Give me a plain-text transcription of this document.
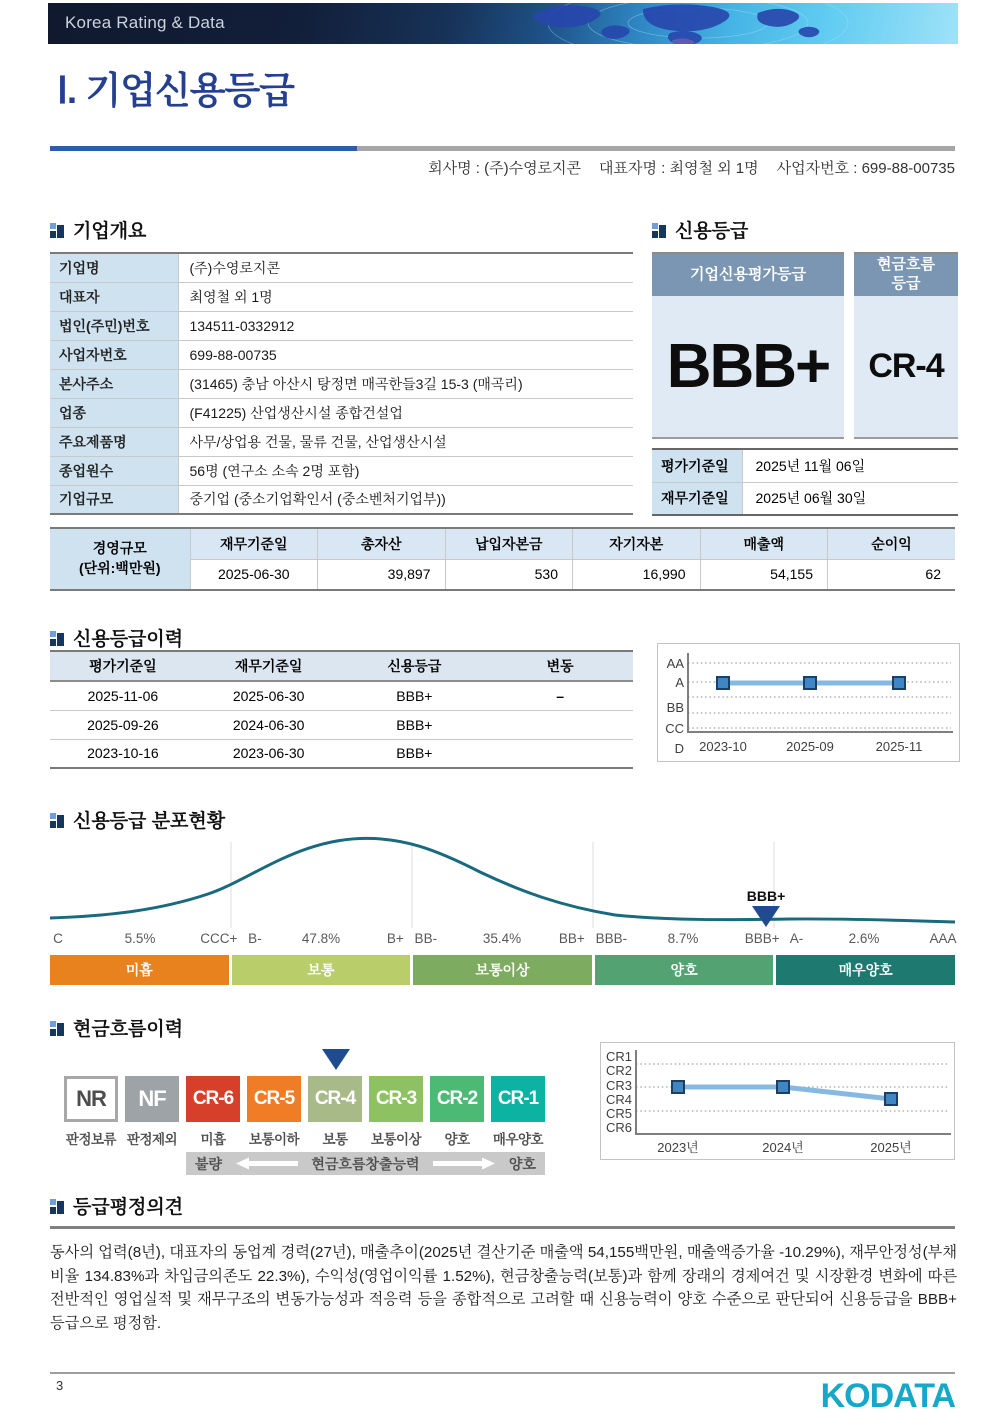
Korea Rating & Data
Ⅰ. 기업신용등급
회사명 : (주)수영로지콘 대표자명 : 최영철 외 1명 사업자번호 : 699-88-00735
기업개요
기업명	(주)수영로지콘
대표자	최영철 외 1명
법인(주민)번호	134511-0332912
사업자번호	699-88-00735
본사주소	(31465) 충남 아산시 탕정면 매곡한들3길 15-3 (매곡리)
업종	(F41225) 산업생산시설 종합건설업
주요제품명	사무/상업용 건물, 물류 건물, 산업생산시설
종업원수	56명 (연구소 소속 2명 포함)
기업규모	중기업 (중소기업확인서 (중소벤처기업부))
신용등급
기업신용평가등급
BBB+
현금흐름 등급
CR-4
평가기준일	2025년 11월 06일
재무기준일	2025년 06월 30일
경영규모
(단위:백만원)	재무기준일	총자산	납입자본금	자기자본	매출액	순이익
	2025-06-30	39,897	530	16,990	54,155	62
신용등급이력
평가기준일	재무기준일	신용등급	변동
2025-11-06	2025-06-30	BBB+	–
2025-09-26	2024-06-30	BBB+	
2023-10-16	2023-06-30	BBB+	
AA
A
BB
CC
D 2023-10	2025-09	2025-11
신용등급 분포현황
BBB+
C	5.5%	CCC+ B-	47.8%	B+ BB-	35.4%	BB+ BBB-	8.7%	BBB+ A-	2.6%	AAA
미흡	보통	보통이상	양호	매우양호
현금흐름이력
NR	NF	CR-6	CR-5	CR-4	CR-3	CR-2	CR-1
판정보류 판정제외	미흡	보통이하	보통	보통이상	양호	매우양호
불량	현금흐름창출능력	양호
CR1
CR2
CR3
CR4
CR5
CR6
2023년	2024년	2025년
등급평정의견
동사의 업력(8년), 대표자의 동업계 경력(27년), 매출추이(2025년 결산기준 매출액 54,155백만원, 매출액증가율 -10.29%), 재무안정성(부채비율 134.83%과 차입금의존도 22.3%), 수익성(영업이익률 1.52%), 현금창출능력(보통)과 함께 장래의 경제여건 및 시장환경 변화에 따른 전반적인 영업실적 및 재무구조의 변동가능성과 적응력 등을 종합적으로 고려할 때 신용능력이 양호 수준으로 판단되어 신용등급을 BBB+ 등급으로 평정함.
3	KODATA
